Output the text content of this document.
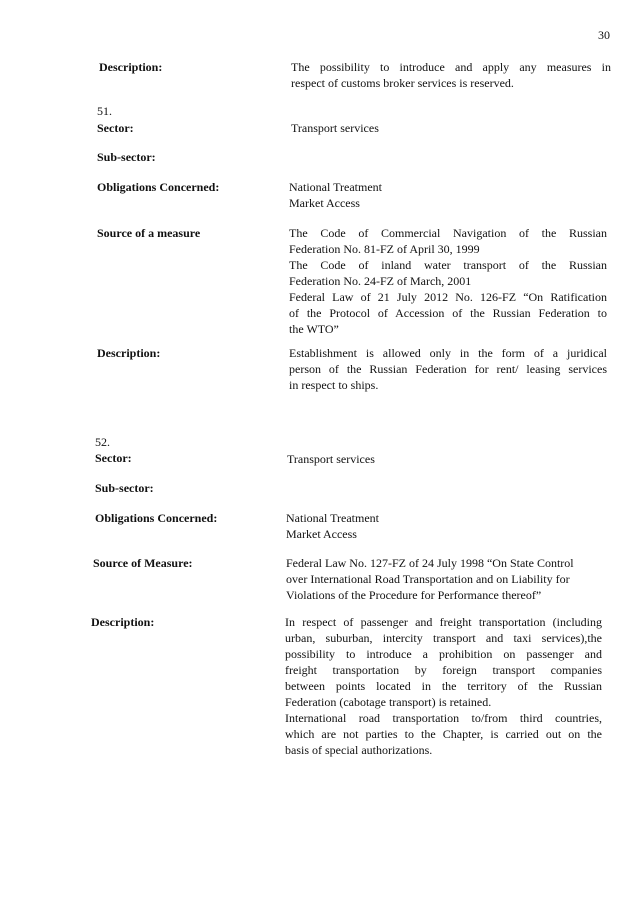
30
Description:	The possibility to introduce and apply any measures in
respect of customs broker services is reserved.
51.
Sector:	Transport services
Sub-sector:
Obligations Concerned:	National Treatment
Market Access
Source of a measure	The Code of Commercial Navigation of the Russian
Federation No. 81-FZ of April 30, 1999
The Code of inland water transport of the Russian
Federation No. 24-FZ of March, 2001
Federal Law of 21 July 2012 No. 126-FZ “On Ratification
of the Protocol of Accession of the Russian Federation to
the WTO”
Description:	Establishment is allowed only in the form of a juridical
person of the Russian Federation for rent/ leasing services
in respect to ships.
52.
Sector:	Transport services
Sub-sector:
Obligations Concerned:	National Treatment
Market Access
Source of Measure:	Federal Law No. 127-FZ of 24 July 1998 “On State Control
over International Road Transportation and on Liability for
Violations of the Procedure for Performance thereof”
Description:	In respect of passenger and freight transportation (including
urban, suburban, intercity transport and taxi services),the
possibility to introduce a prohibition on passenger and
freight transportation by foreign transport companies
between points located in the territory of the Russian
Federation (cabotage transport) is retained.
International road transportation to/from third countries,
which are not parties to the Chapter, is carried out on the
basis of special authorizations.
